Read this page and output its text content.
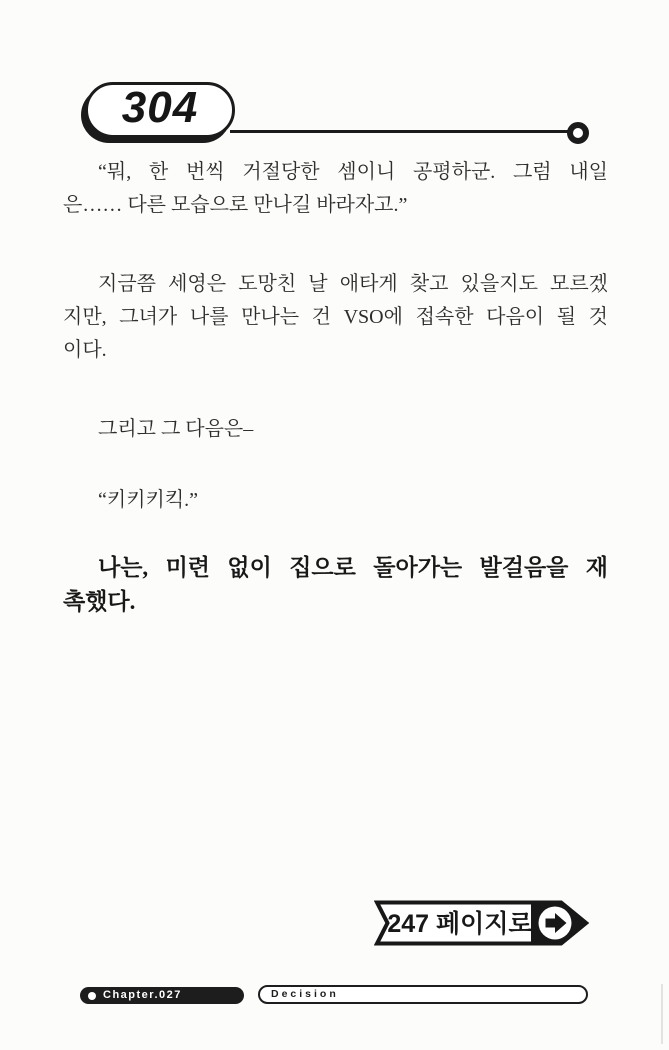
304
“뭐, 한 번씩 거절당한 셈이니 공평하군. 그럼 내일
은…… 다른 모습으로 만나길 바라자고.”
지금쯤 세영은 도망친 날 애타게 찾고 있을지도 모르겠
지만, 그녀가 나를 만나는 건 VSO에 접속한 다음이 될 것
이다.
그리고 그 다음은–
“키키키킥.”
나는, 미련 없이 집으로 돌아가는 발걸음을 재
촉했다.
247 페이지로
Chapter.027	Decision
